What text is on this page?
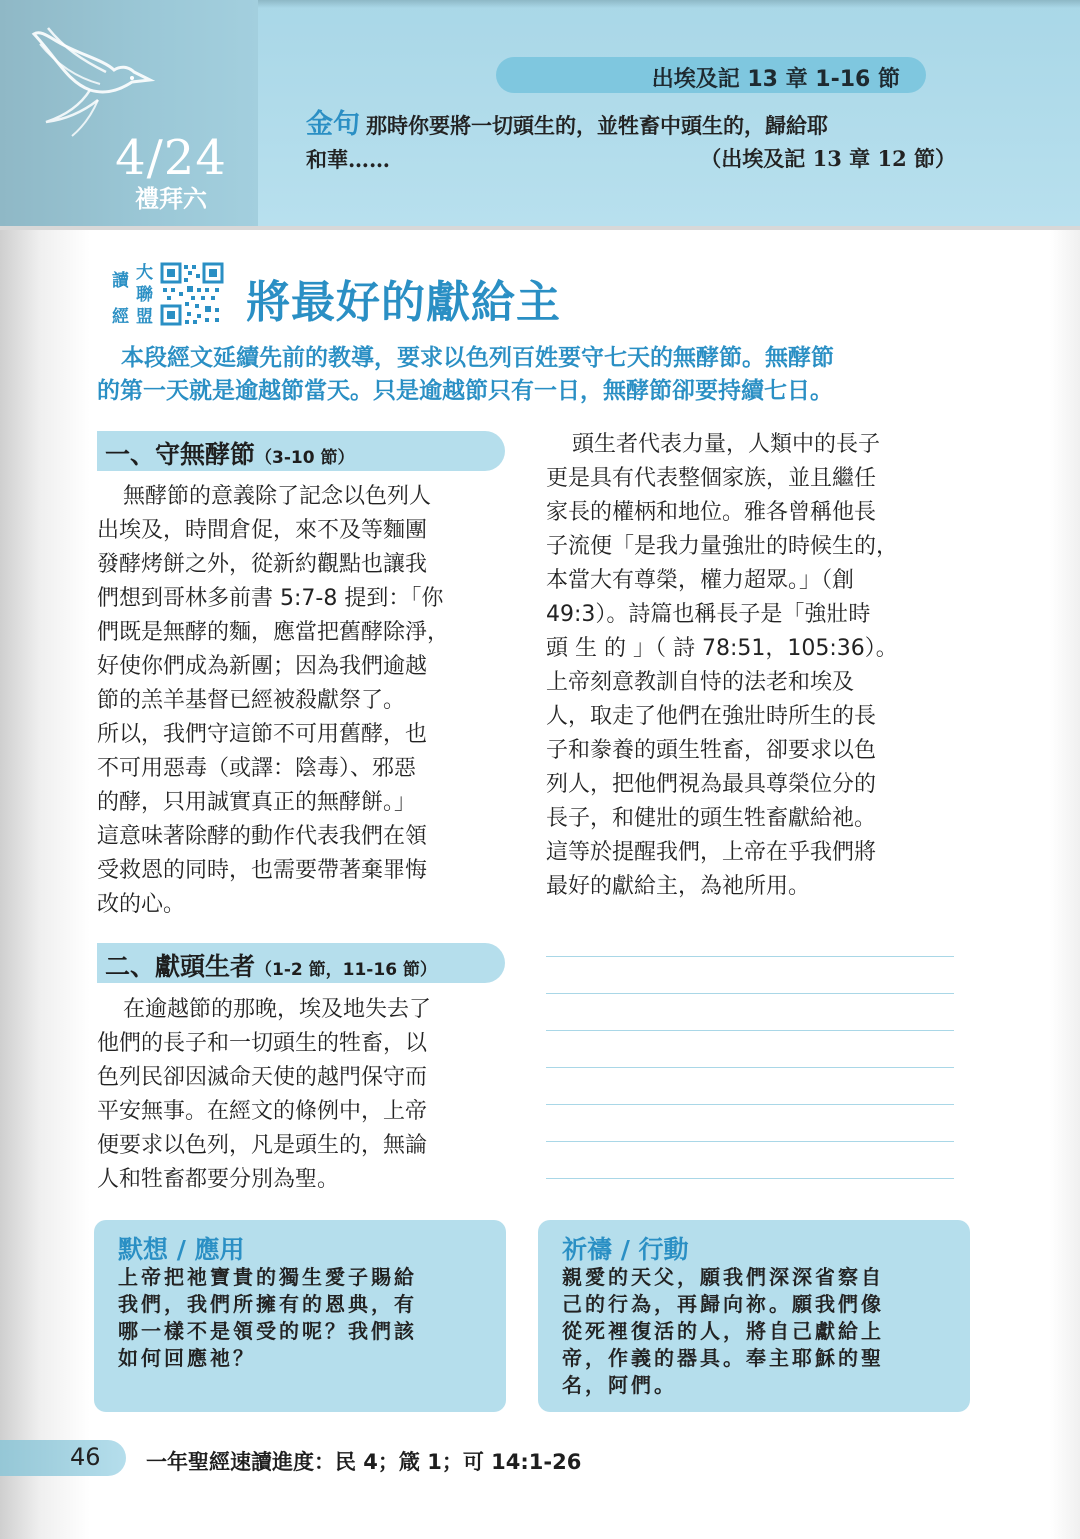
4/24
禮拜六
出埃及記 13 章 1-16 節
金句 那時你要將一切頭生的，並牲畜中頭生的，歸給耶
和華……	（出埃及記 13 章 12 節）
讀 大
聯
經 盟 將最好的獻給主
本段經文延續先前的教導，要求以色列百姓要守七天的無酵節。無酵節
的第一天就是逾越節當天。只是逾越節只有一日，無酵節卻要持續七日。
一、守無酵節（3-10 節）
無酵節的意義除了記念以色列人
出埃及，時間倉促，來不及等麵團
發酵烤餅之外，從新約觀點也讓我
們想到哥林多前書 5:7-8 提到：「你
們既是無酵的麵，應當把舊酵除淨，
好使你們成為新團；因為我們逾越
節的羔羊基督已經被殺獻祭了。
所以，我們守這節不可用舊酵，也
不可用惡毒（或譯：陰毒）、邪惡
的酵，只用誠實真正的無酵餅。」
這意味著除酵的動作代表我們在領
受救恩的同時，也需要帶著棄罪悔
改的心。
二、獻頭生者（1-2 節，11-16 節）
在逾越節的那晚，埃及地失去了
他們的長子和一切頭生的牲畜，以
色列民卻因滅命天使的越門保守而
平安無事。在經文的條例中，上帝
便要求以色列，凡是頭生的，無論
人和牲畜都要分別為聖。
頭生者代表力量，人類中的長子
更是具有代表整個家族，並且繼任
家長的權柄和地位。雅各曾稱他長
子流便「是我力量強壯的時候生的，
本當大有尊榮，權力超眾。」（創
49:3）。詩篇也稱長子是「強壯時
頭 生 的 」（ 詩 78:51，105:36）。
上帝刻意教訓自恃的法老和埃及
人，取走了他們在強壯時所生的長
子和豢養的頭生牲畜，卻要求以色
列人，把他們視為最具尊榮位分的
長子，和健壯的頭生牲畜獻給祂。
這等於提醒我們，上帝在乎我們將
最好的獻給主，為祂所用。
默想 / 應用
上帝把祂寶貴的獨生愛子賜給
我們，我們所擁有的恩典，有
哪一樣不是領受的呢？我們該
如何回應祂？
祈禱 / 行動
親愛的天父，願我們深深省察自
己的行為，再歸向祢。願我們像
從死裡復活的人，將自己獻給上
帝，作義的器具。奉主耶穌的聖
名，阿們。
46 一年聖經速讀進度：民 4；箴 1；可 14:1-26
